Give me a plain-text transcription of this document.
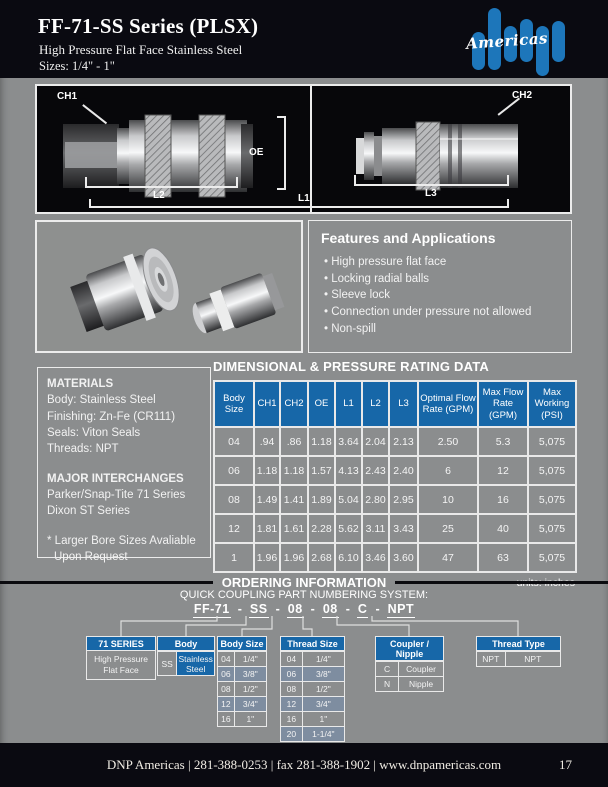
FF-71-SS Series (PLSX)
High Pressure Flat Face Stainless Steel
Sizes: 1/4" - 1"
Americas
CH1
OE
L2
CH2
L3
L1
Features and Applications
• High pressure flat face
• Locking radial balls
• Sleeve lock
• Connection under pressure not allowed
• Non-spill
MATERIALS
Body: Stainless Steel
Finishing: Zn-Fe (CR111)
Seals: Viton Seals
Threads: NPT
MAJOR INTERCHANGES
Parker/Snap-Tite 71 Series
Dixon ST Series
* Larger Bore Sizes Avaliable
Upon Request
DIMENSIONAL & PRESSURE RATING DATA
Body Size	CH1	CH2	OE	L1	L2	L3	Optimal Flow Rate (GPM)	Max Flow Rate (GPM)	Max Working (PSI)
04	.94	.86	1.18	3.64	2.04	2.13	2.50	5.3	5,075
06	1.18	1.18	1.57	4.13	2.43	2.40	6	12	5,075
08	1.49	1.41	1.89	5.04	2.80	2.95	10	16	5,075
12	1.81	1.61	2.28	5.62	3.11	3.43	25	40	5,075
1	1.96	1.96	2.68	6.10	3.46	3.60	47	63	5,075
ORDERING INFORMATION
QUICK COUPLING PART NUMBERING SYSTEM:
FF-71 - SS - 08 - 08 - C - NPT
71 SERIES
High Pressure Flat Face
Body
SS	Stainless Steel
Body Size
04	1/4"
06	3/8"
08	1/2"
12	3/4"
16	1"
Thread Size
04	1/4"
06	3/8"
08	1/2"
12	3/4"
16	1"
20	1-1/4"
Coupler / Nipple
C	Coupler
N	Nipple
Thread Type
NPT	NPT
DNP Americas | 281-388-0253 | fax 281-388-1902 | www.dnpamericas.com	17
